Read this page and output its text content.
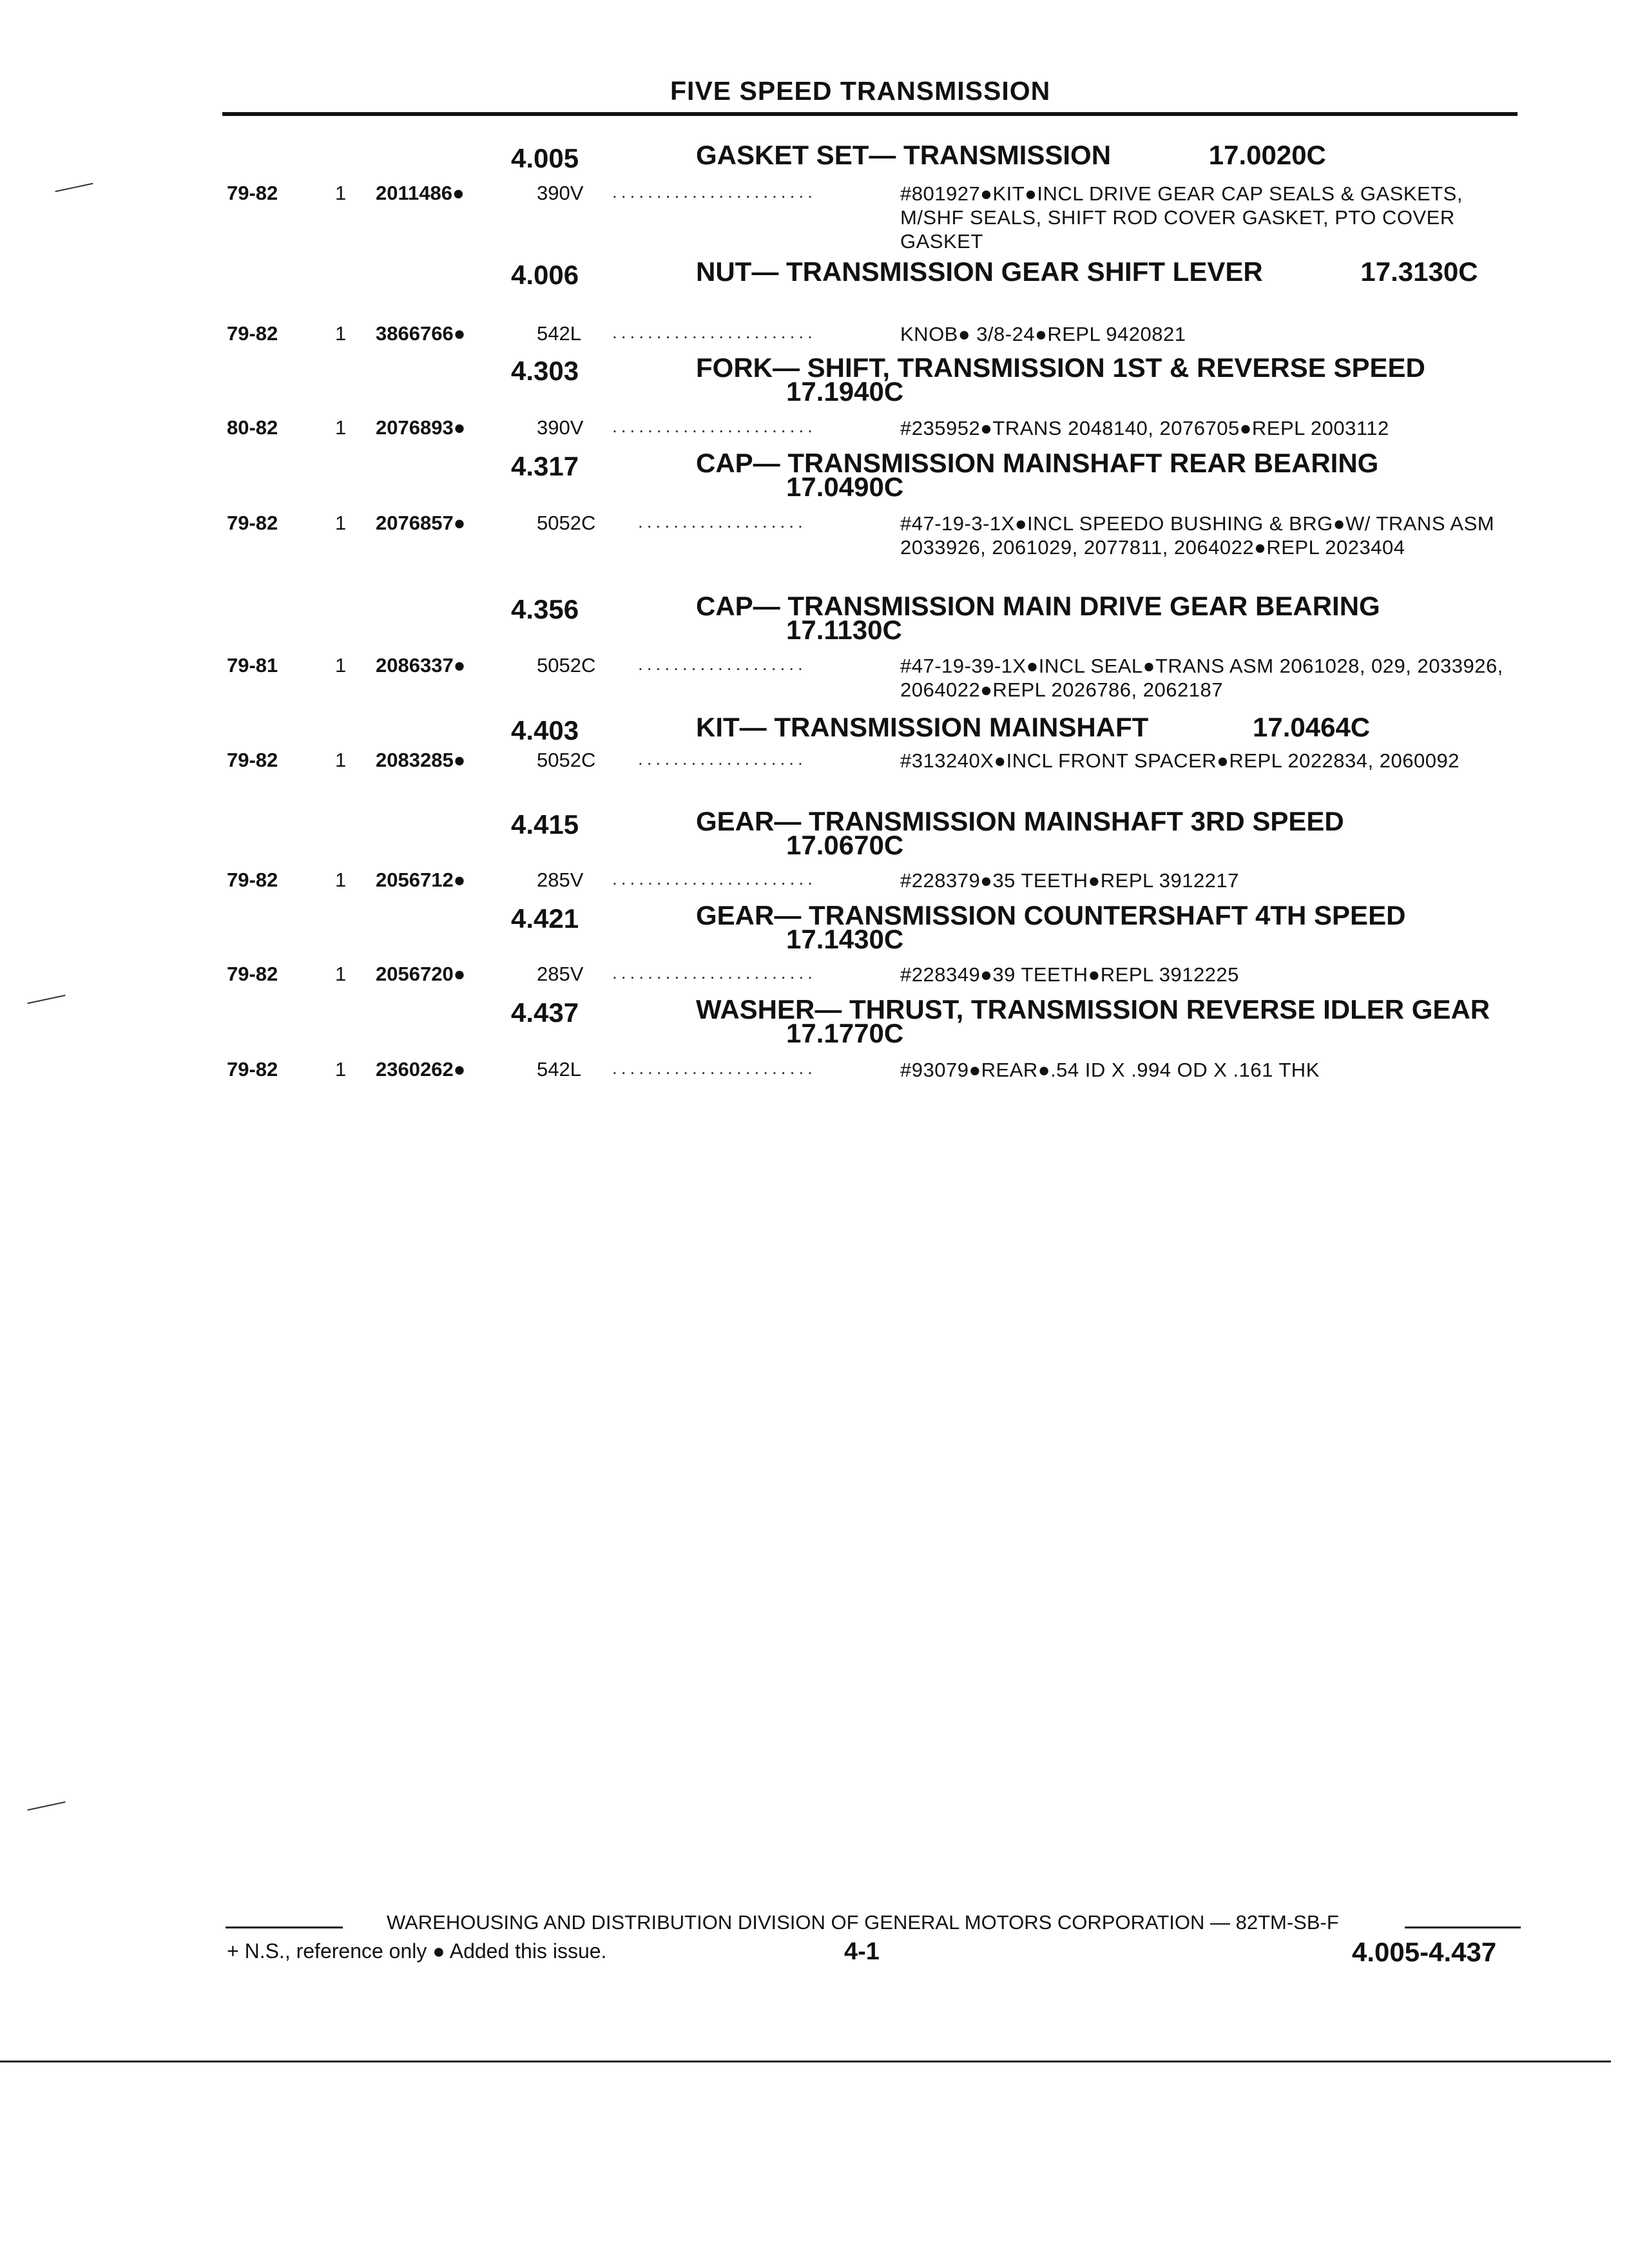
FIVE SPEED TRANSMISSION
4.005	GASKET SET— TRANSMISSION	17.0020C
79-82	1 2011486●	390V .......................	#801927●KIT●INCL DRIVE GEAR CAP SEALS & GASKETS, M/SHF SEALS, SHIFT ROD COVER GASKET, PTO COVER GASKET
4.006	NUT— TRANSMISSION GEAR SHIFT LEVER	17.3130C
79-82	1 3866766●	542L .......................	KNOB● 3/8-24●REPL 9420821
4.303	FORK— SHIFT, TRANSMISSION 1ST & REVERSE SPEED 17.1940C
80-82	1 2076893●	390V .......................	#235952●TRANS 2048140, 2076705●REPL 2003112
4.317	CAP— TRANSMISSION MAINSHAFT REAR BEARING 17.0490C
79-82	1 2076857●	5052C ...................	#47-19-3-1X●INCL SPEEDO BUSHING & BRG●W/ TRANS ASM 2033926, 2061029, 2077811, 2064022●REPL 2023404
4.356	CAP— TRANSMISSION MAIN DRIVE GEAR BEARING 17.1130C
79-81	1 2086337●	5052C ...................	#47-19-39-1X●INCL SEAL●TRANS ASM 2061028, 029, 2033926, 2064022●REPL 2026786, 2062187
4.403	KIT— TRANSMISSION MAINSHAFT	17.0464C
79-82	1 2083285●	5052C ...................	#313240X●INCL FRONT SPACER●REPL 2022834, 2060092
4.415	GEAR— TRANSMISSION MAINSHAFT 3RD SPEED 17.0670C
79-82	1 2056712●	285V .......................	#228379●35 TEETH●REPL 3912217
4.421	GEAR— TRANSMISSION COUNTERSHAFT 4TH SPEED 17.1430C
79-82	1 2056720●	285V .......................	#228349●39 TEETH●REPL 3912225
4.437	WASHER— THRUST, TRANSMISSION REVERSE IDLER GEAR 17.1770C
79-82	1 2360262●	542L .......................	#93079●REAR●.54 ID X .994 OD X .161 THK
WAREHOUSING AND DISTRIBUTION DIVISION OF GENERAL MOTORS CORPORATION — 82TM-SB-F
+ N.S., reference only ● Added this issue.	4-1	4.005-4.437
